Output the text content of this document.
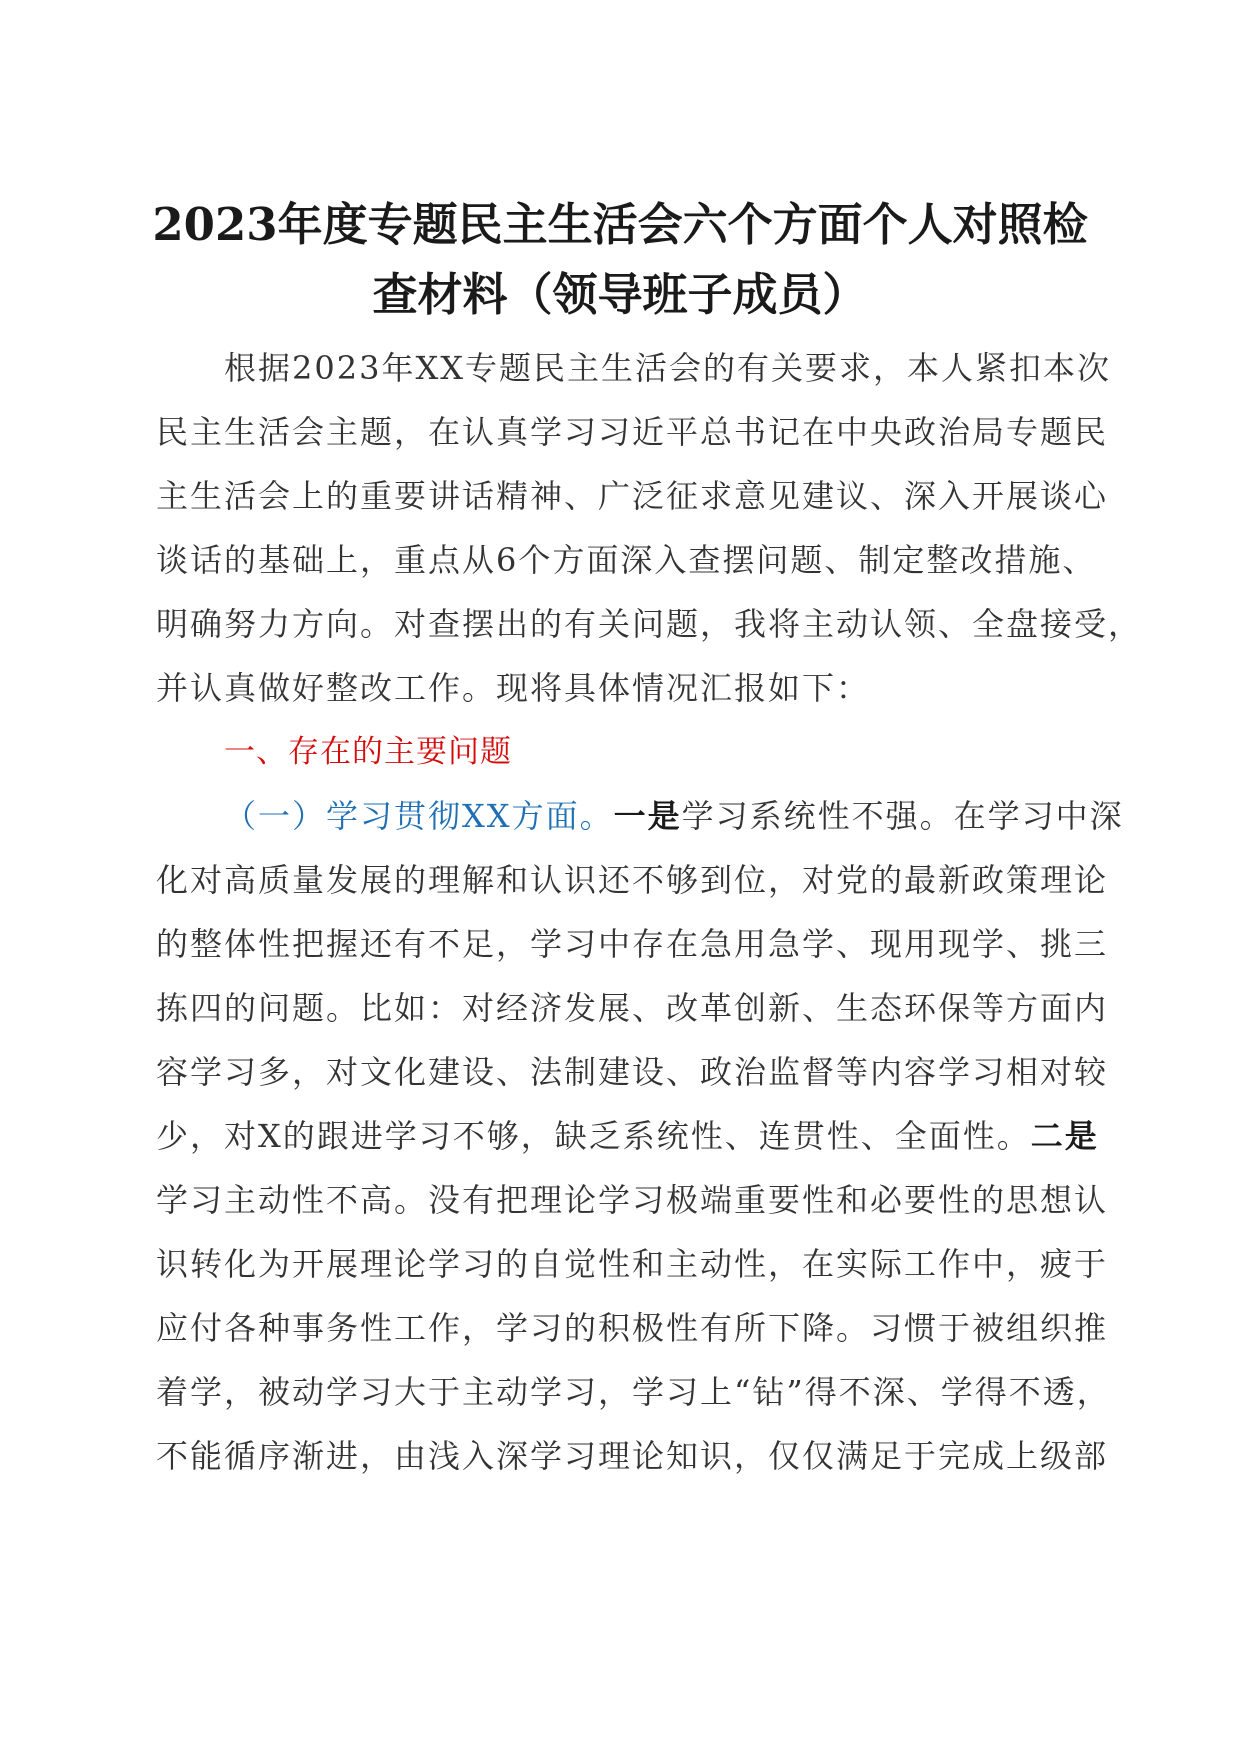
2023年度专题民主生活会六个方面个人对照检
查材料（领导班子成员）
根据2023年XX专题民主生活会的有关要求，本人紧扣本次
民主生活会主题，在认真学习习近平总书记在中央政治局专题民
主生活会上的重要讲话精神、广泛征求意见建议、深入开展谈心
谈话的基础上，重点从6个方面深入查摆问题、制定整改措施、
明确努力方向。对查摆出的有关问题，我将主动认领、全盘接受，
并认真做好整改工作。现将具体情况汇报如下：
一、存在的主要问题
（一）学习贯彻XX方面。一是学习系统性不强。在学习中深
化对高质量发展的理解和认识还不够到位，对党的最新政策理论
的整体性把握还有不足，学习中存在急用急学、现用现学、挑三
拣四的问题。比如：对经济发展、改革创新、生态环保等方面内
容学习多，对文化建设、法制建设、政治监督等内容学习相对较
少，对X的跟进学习不够，缺乏系统性、连贯性、全面性。二是
学习主动性不高。没有把理论学习极端重要性和必要性的思想认
识转化为开展理论学习的自觉性和主动性，在实际工作中，疲于
应付各种事务性工作，学习的积极性有所下降。习惯于被组织推
着学，被动学习大于主动学习，学习上“钻”得不深、学得不透，
不能循序渐进，由浅入深学习理论知识，仅仅满足于完成上级部
